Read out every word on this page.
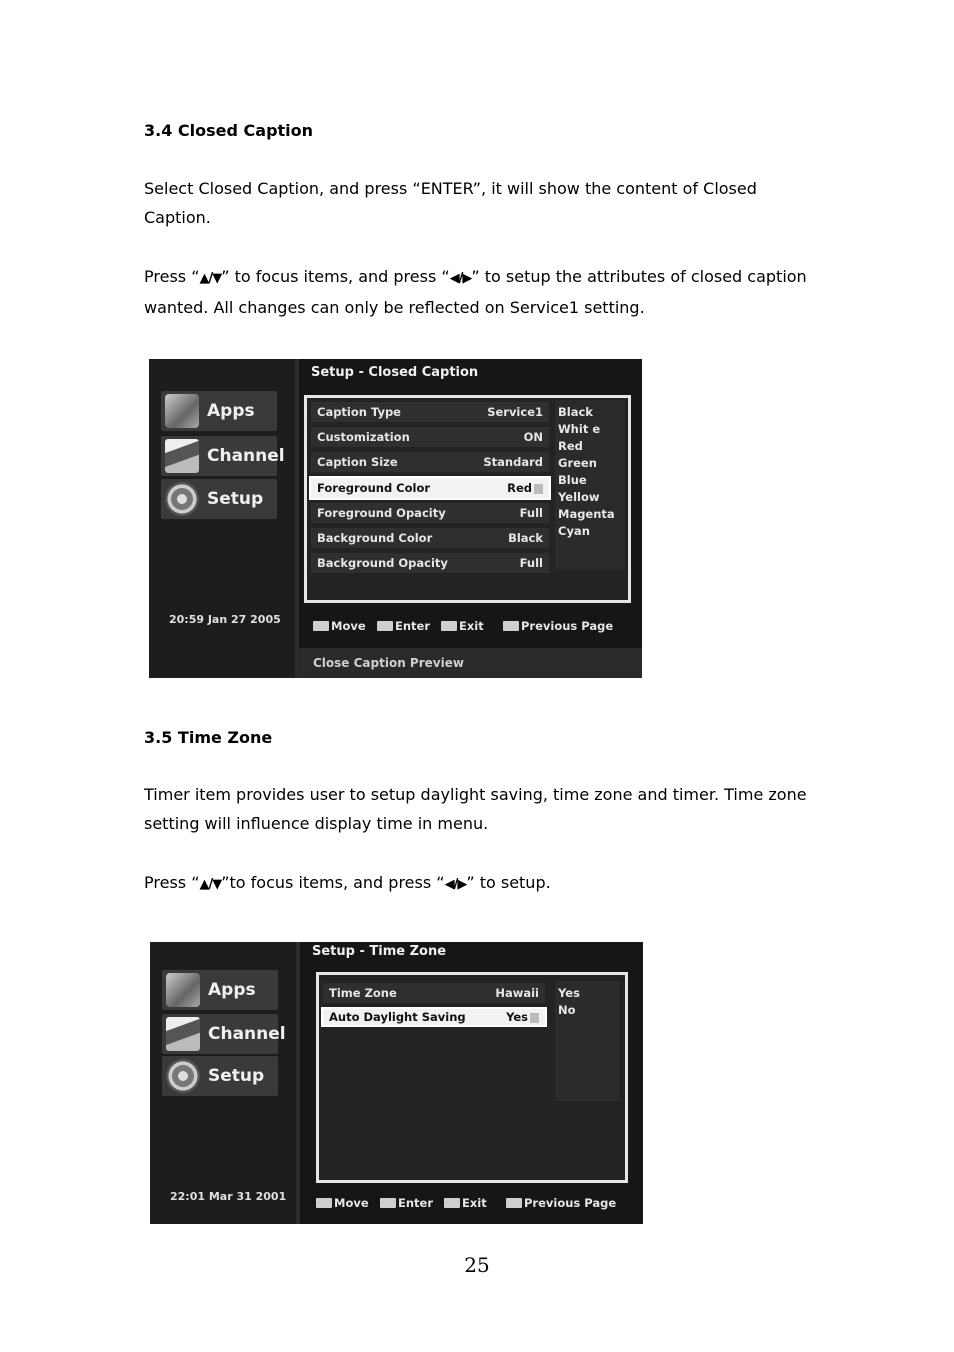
3.4 Closed Caption
Select Closed Caption, and press “ENTER”, it will show the content of Closed Caption.
Press “▲/▼” to focus items, and press “◀/▶” to setup the attributes of closed caption wanted. All changes can only be reflected on Service1 setting.
Apps
Channel
Setup
20:59 Jan 27 2005
Setup - Closed Caption
Caption Type	Service1
Customization	ON
Caption Size	Standard
Foreground Color	Red
Foreground Opacity	Full
Background Color	Black
Background Opacity	Full
Black
Whit e
Red
Green
Blue
Yellow
Magenta
Cyan
Move	Enter	Exit	Previous Page
Close Caption Preview
3.5 Time Zone
Timer item provides user to setup daylight saving, time zone and timer. Time zone setting will influence display time in menu.
Press “▲/▼”to focus items, and press “◀/▶” to setup.
Apps
Channel
Setup
22:01 Mar 31 2001
Setup - Time Zone
Time Zone	Hawaii
Auto Daylight Saving	Yes
Yes
No
Move	Enter	Exit	Previous Page
25
